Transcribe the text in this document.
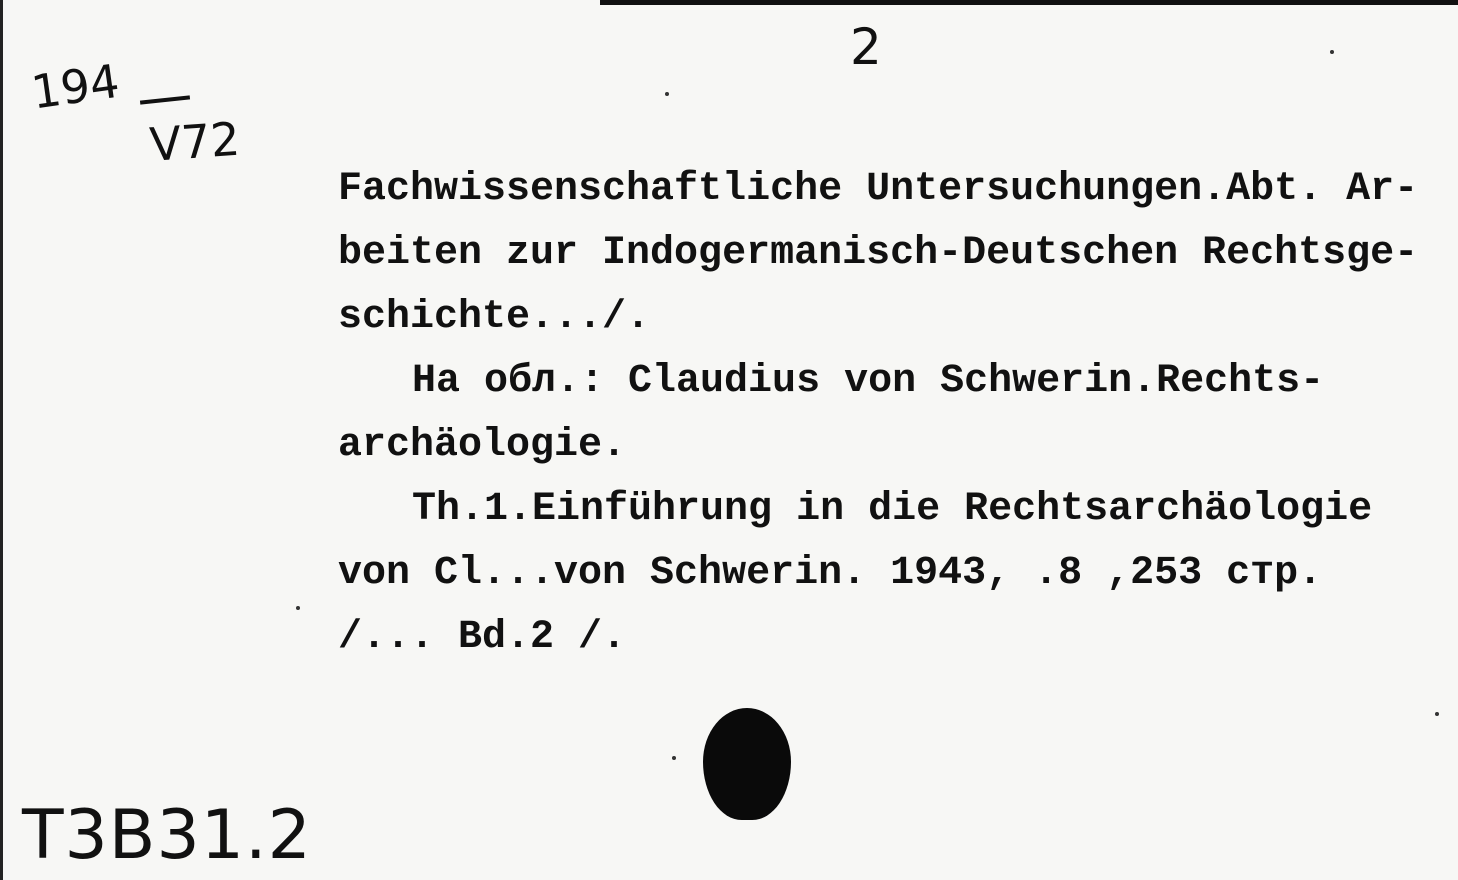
2
194
V72
Fachwissenschaftliche Untersuchungen.Abt. Ar-
beiten zur Indogermanisch-Deutschen Rechtsge-
schichte.../.
На обл.: Claudius von Schwerin.Rechts-
archäologie.
Th.1.Einführung in die Rechtsarchäologie
von Cl...von Schwerin. 1943, .8 ,253 стр.
/... Bd.2 /.
T3B31.2
